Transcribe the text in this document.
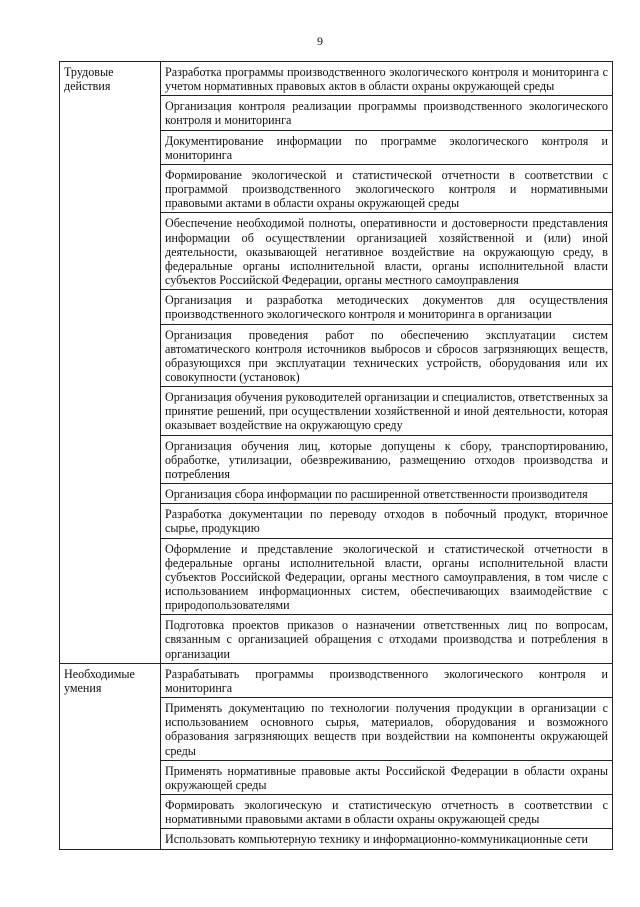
9
Трудовые действия	Разработка программы производственного экологического контроля и мониторинга с учетом нормативных правовых актов в области охраны окружающей среды
	Организация контроля реализации программы производственного экологического контроля и мониторинга
	Документирование информации по программе экологического контроля и мониторинга
	Формирование экологической и статистической отчетности в соответствии с программой производственного экологического контроля и нормативными правовыми актами в области охраны окружающей среды
	Обеспечение необходимой полноты, оперативности и достоверности представления информации об осуществлении организацией хозяйственной и (или) иной деятельности, оказывающей негативное воздействие на окружающую среду, в федеральные органы исполнительной власти, органы исполнительной власти субъектов Российской Федерации, органы местного самоуправления
	Организация и разработка методических документов для осуществления производственного экологического контроля и мониторинга в организации
	Организация проведения работ по обеспечению эксплуатации систем автоматического контроля источников выбросов и сбросов загрязняющих веществ, образующихся при эксплуатации технических устройств, оборудования или их совокупности (установок)
	Организация обучения руководителей организации и специалистов, ответственных за принятие решений, при осуществлении хозяйственной и иной деятельности, которая оказывает воздействие на окружающую среду
	Организация обучения лиц, которые допущены к сбору, транспортированию, обработке, утилизации, обезвреживанию, размещению отходов производства и потребления
	Организация сбора информации по расширенной ответственности производителя
	Разработка документации по переводу отходов в побочный продукт, вторичное сырье, продукцию
	Оформление и представление экологической и статистической отчетности в федеральные органы исполнительной власти, органы исполнительной власти субъектов Российской Федерации, органы местного самоуправления, в том числе с использованием информационных систем, обеспечивающих взаимодействие с природопользователями
	Подготовка проектов приказов о назначении ответственных лиц по вопросам, связанным с организацией обращения с отходами производства и потребления в организации
Необходимые умения	Разрабатывать программы производственного экологического контроля и мониторинга
	Применять документацию по технологии получения продукции в организации с использованием основного сырья, материалов, оборудования и возможного образования загрязняющих веществ при воздействии на компоненты окружающей среды
	Применять нормативные правовые акты Российской Федерации в области охраны окружающей среды
	Формировать экологическую и статистическую отчетность в соответствии с нормативными правовыми актами в области охраны окружающей среды
	Использовать компьютерную технику и информационно-коммуникационные сети
